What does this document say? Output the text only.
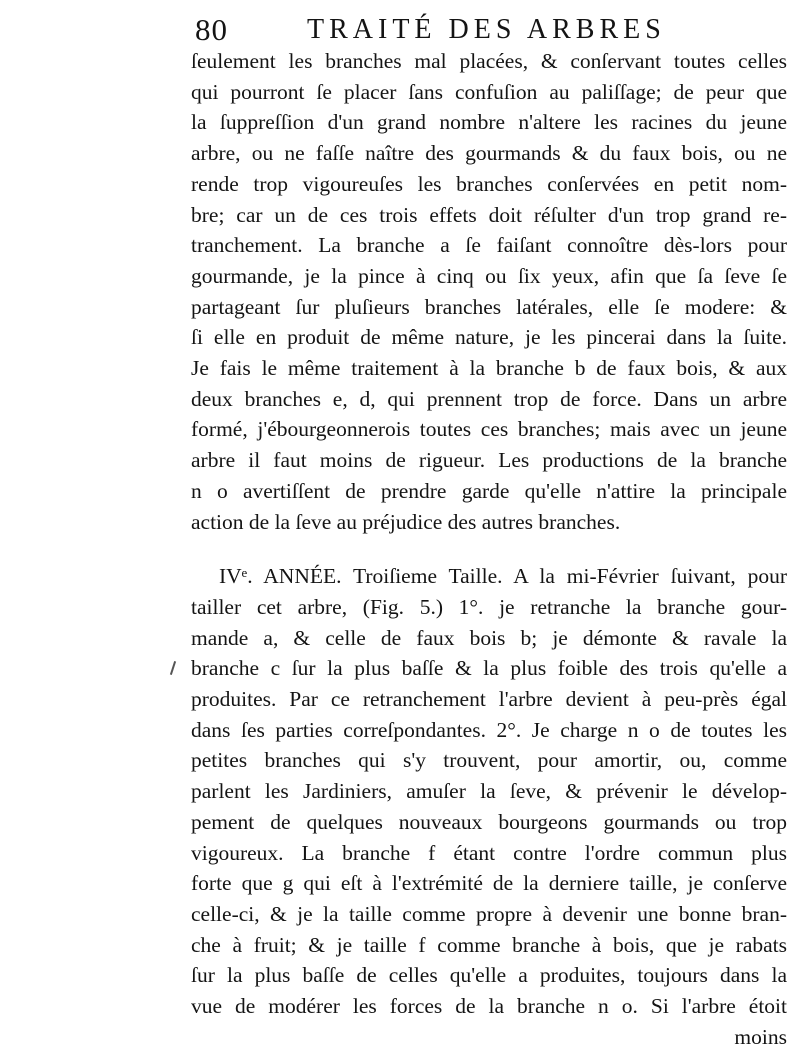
80	TRAITÉ DES ARBRES
ſeulement les branches mal placées, & conſervant toutes celles
qui pourront ſe placer ſans confuſion au paliſſage; de peur que
la ſuppreſſion d'un grand nombre n'altere les racines du jeune
arbre, ou ne faſſe naître des gourmands & du faux bois, ou ne
rende trop vigoureuſes les branches conſervées en petit nom-
bre; car un de ces trois effets doit réſulter d'un trop grand re-
tranchement. La branche a ſe faiſant connoître dès-lors pour
gourmande, je la pince à cinq ou ſix yeux, afin que ſa ſeve ſe
partageant ſur pluſieurs branches latérales, elle ſe modere: &
ſi elle en produit de même nature, je les pincerai dans la ſuite.
Je fais le même traitement à la branche b de faux bois, & aux
deux branches e, d, qui prennent trop de force. Dans un arbre
formé, j'ébourgeonnerois toutes ces branches; mais avec un jeune
arbre il faut moins de rigueur. Les productions de la branche
n o avertiſſent de prendre garde qu'elle n'attire la principale
action de la ſeve au préjudice des autres branches.
IVᵉ. ANNÉE. Troiſieme Taille. A la mi-Février ſuivant, pour
tailler cet arbre, (Fig. 5.) 1°. je retranche la branche gour-
mande a, & celle de faux bois b; je démonte & ravale la
branche c ſur la plus baſſe & la plus foible des trois qu'elle a
produites. Par ce retranchement l'arbre devient à peu-près égal
dans ſes parties correſpondantes. 2°. Je charge n o de toutes les
petites branches qui s'y trouvent, pour amortir, ou, comme
parlent les Jardiniers, amuſer la ſeve, & prévenir le dévelop-
pement de quelques nouveaux bourgeons gourmands ou trop
vigoureux. La branche f étant contre l'ordre commun plus
forte que g qui eſt à l'extrémité de la derniere taille, je conſerve
celle-ci, & je la taille comme propre à devenir une bonne bran-
che à fruit; & je taille f comme branche à bois, que je rabats
ſur la plus baſſe de celles qu'elle a produites, toujours dans la
vue de modérer les forces de la branche n o. Si l'arbre étoit
moins
